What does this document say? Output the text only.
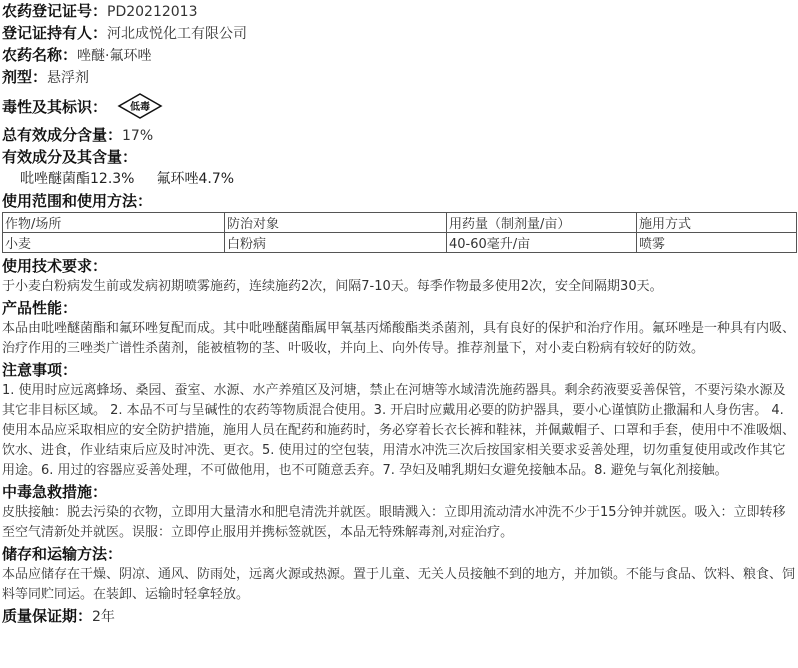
农药登记证号：PD20212013
登记证持有人：河北成悦化工有限公司
农药名称：唑醚·氟环唑
剂型：悬浮剂
毒性及其标识： 低毒
总有效成分含量：17%
有效成分及其含量：
吡唑醚菌酯12.3% 氟环唑4.7%
使用范围和使用方法：
作物/场所	防治对象	用药量（制剂量/亩）	施用方式
小麦	白粉病	40-60毫升/亩	喷雾
使用技术要求：

于小麦白粉病发生前或发病初期喷雾施药，连续施药2次，间隔7-10天。每季作物最多使用2次，安全间隔期30天。

产品性能：

本品由吡唑醚菌酯和氟环唑复配而成。其中吡唑醚菌酯属甲氧基丙烯酸酯类杀菌剂，具有良好的保护和治疗作用。氟环唑是一种具有内吸、治疗作用的三唑类广谱性杀菌剂，能被植物的茎、叶吸收，并向上、向外传导。推荐剂量下，对小麦白粉病有较好的防效。

注意事项：

1. 使用时应远离蜂场、桑园、蚕室、水源、水产养殖区及河塘，禁止在河塘等水域清洗施药器具。剩余药液要妥善保管，不要污染水源及其它非目标区域。 2. 本品不可与呈碱性的农药等物质混合使用。3. 开启时应戴用必要的防护器具，要小心谨慎防止撒漏和人身伤害。 4. 使用本品应采取相应的安全防护措施，施用人员在配药和施药时，务必穿着长衣长裤和鞋袜，并佩戴帽子、口罩和手套，使用中不准吸烟、饮水、进食，作业结束后应及时冲洗、更衣。5. 使用过的空包装，用清水冲洗三次后按国家相关要求妥善处理，切勿重复使用或改作其它用途。6. 用过的容器应妥善处理，不可做他用，也不可随意丢弃。7. 孕妇及哺乳期妇女避免接触本品。8. 避免与氧化剂接触。

中毒急救措施：

皮肤接触：脱去污染的衣物，立即用大量清水和肥皂清洗并就医。眼睛溅入：立即用流动清水冲洗不少于15分钟并就医。吸入：立即转移至空气清新处并就医。误服：立即停止服用并携标签就医，本品无特殊解毒剂,对症治疗。

储存和运输方法：

本品应储存在干燥、阴凉、通风、防雨处，远离火源或热源。置于儿童、无关人员接触不到的地方，并加锁。不能与食品、饮料、粮食、饲料等同贮同运。在装卸、运输时轻拿轻放。

质量保证期：2年
